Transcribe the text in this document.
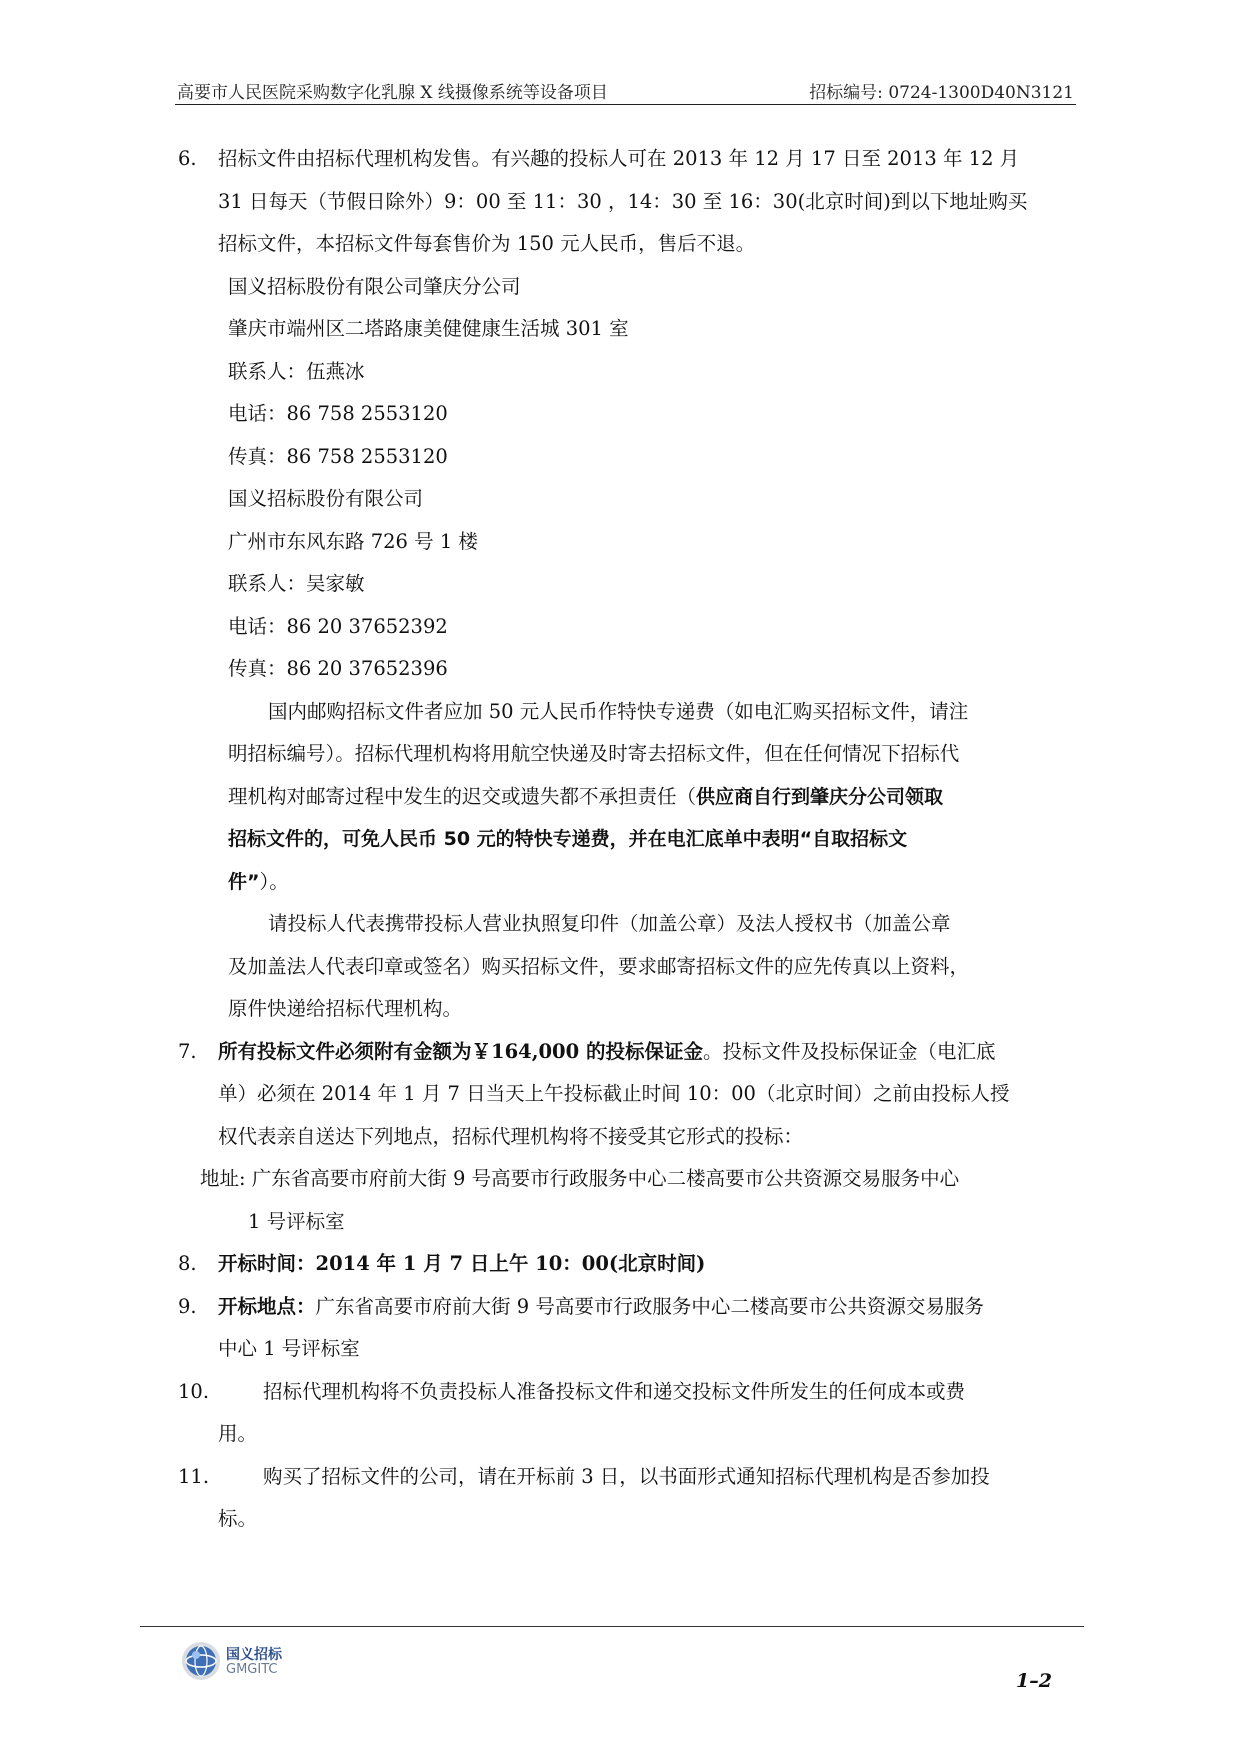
高要市人民医院采购数字化乳腺 X 线摄像系统等设备项目	招标编号: 0724-1300D40N3121
6. 招标文件由招标代理机构发售。有兴趣的投标人可在 2013 年 12 月 17 日至 2013 年 12 月
31 日每天（节假日除外）9：00 至 11：30 ，14：30 至 16：30(北京时间)到以下地址购买
招标文件，本招标文件每套售价为 150 元人民币，售后不退。
国义招标股份有限公司肇庆分公司
肇庆市端州区二塔路康美健健康生活城 301 室
联系人：伍燕冰
电话：86 758 2553120
传真：86 758 2553120
国义招标股份有限公司
广州市东风东路 726 号 1 楼
联系人：吴家敏
电话：86 20 37652392
传真：86 20 37652396
国内邮购招标文件者应加 50 元人民币作特快专递费（如电汇购买招标文件，请注
明招标编号）。招标代理机构将用航空快递及时寄去招标文件，但在任何情况下招标代
理机构对邮寄过程中发生的迟交或遗失都不承担责任（供应商自行到肇庆分公司领取
招标文件的，可免人民币 50 元的特快专递费，并在电汇底单中表明“自取招标文
件”）。
请投标人代表携带投标人营业执照复印件（加盖公章）及法人授权书（加盖公章
及加盖法人代表印章或签名）购买招标文件，要求邮寄招标文件的应先传真以上资料，
原件快递给招标代理机构。
7. 所有投标文件必须附有金额为￥164,000 的投标保证金。投标文件及投标保证金（电汇底
单）必须在 2014 年 1 月 7 日当天上午投标截止时间 10：00（北京时间）之前由投标人授
权代表亲自送达下列地点，招标代理机构将不接受其它形式的投标：
地址: 广东省高要市府前大街 9 号高要市行政服务中心二楼高要市公共资源交易服务中心
1 号评标室
8. 开标时间：2014 年 1 月 7 日上午 10：00(北京时间)
9. 开标地点：广东省高要市府前大街 9 号高要市行政服务中心二楼高要市公共资源交易服务
中心 1 号评标室
10.	招标代理机构将不负责投标人准备投标文件和递交投标文件所发生的任何成本或费
用。
11.	购买了招标文件的公司，请在开标前 3 日，以书面形式通知招标代理机构是否参加投
标。
国义招标
GMGITC
1–2
